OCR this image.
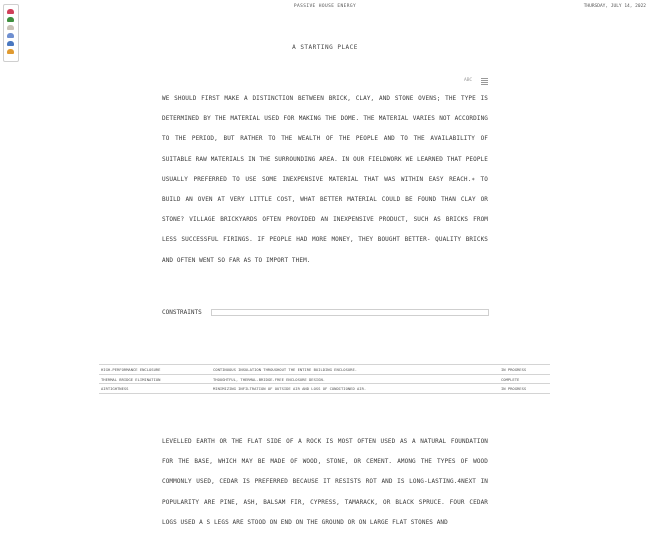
PASSIVE HOUSE ENERGY	THURSDAY, JULY 14, 2022
A STARTING PLACE
ABC
WE SHOULD FIRST MAKE A DISTINCTION BETWEEN BRICK, CLAY, AND STONE OVENS; THE TYPE IS DETERMINED BY THE MATERIAL USED FOR MAKING THE DOME. THE MATERIAL VARIES NOT ACCORDING TO THE PERIOD, BUT RATHER TO THE WEALTH OF THE PEOPLE AND TO THE AVAILABILITY OF SUITABLE RAW MATERIALS IN THE SURROUNDING AREA. IN OUR FIELDWORK WE LEARNED THAT PEOPLE USUALLY PREFERRED TO USE SOME INEXPENSIVE MATERIAL THAT WAS WITHIN EASY REACH.∗ TO BUILD AN OVEN AT VERY LITTLE COST, WHAT BETTER MATERIAL COULD BE FOUND THAN CLAY OR STONE? VILLAGE BRICKYARDS OFTEN PROVIDED AN INEXPENSIVE PRODUCT, SUCH AS BRICKS FROM LESS SUCCESSFUL FIRINGS. IF PEOPLE HAD MORE MONEY, THEY BOUGHT BETTER- QUALITY BRICKS AND OFTEN WENT SO FAR AS TO IMPORT THEM.
CONSTRAINTS
HIGH-PERFORMANCE ENCLOSURE	CONTINUOUS INSULATION THROUGHOUT THE ENTIRE BUILDING ENCLOSURE.	IN PROGRESS
THERMAL BRIDGE ELIMINATION	THOUGHTFUL, THERMAL-BRIDGE-FREE ENCLOSURE DESIGN.	COMPLETE
AIRTIGHTNESS	MINIMIZING INFILTRATION OF OUTSIDE AIR AND LOSS OF CONDITIONED AIR.	IN PROGRESS
LEVELLED EARTH OR THE FLAT SIDE OF A ROCK IS MOST OFTEN USED AS A NATURAL FOUNDATION FOR THE BASE, WHICH MAY BE MADE OF WOOD, STONE, OR CEMENT. AMONG THE TYPES OF WOOD COMMONLY USED, CEDAR IS PREFERRED BECAUSE IT RESISTS ROT AND IS LONG-LASTING.4NEXT IN POPULARITY ARE PINE, ASH, BALSAM FIR, CYPRESS, TAMARACK, OR BLACK SPRUCE. FOUR CEDAR LOGS USED A S LEGS ARE STOOD ON END ON THE GROUND OR ON LARGE FLAT STONES AND
